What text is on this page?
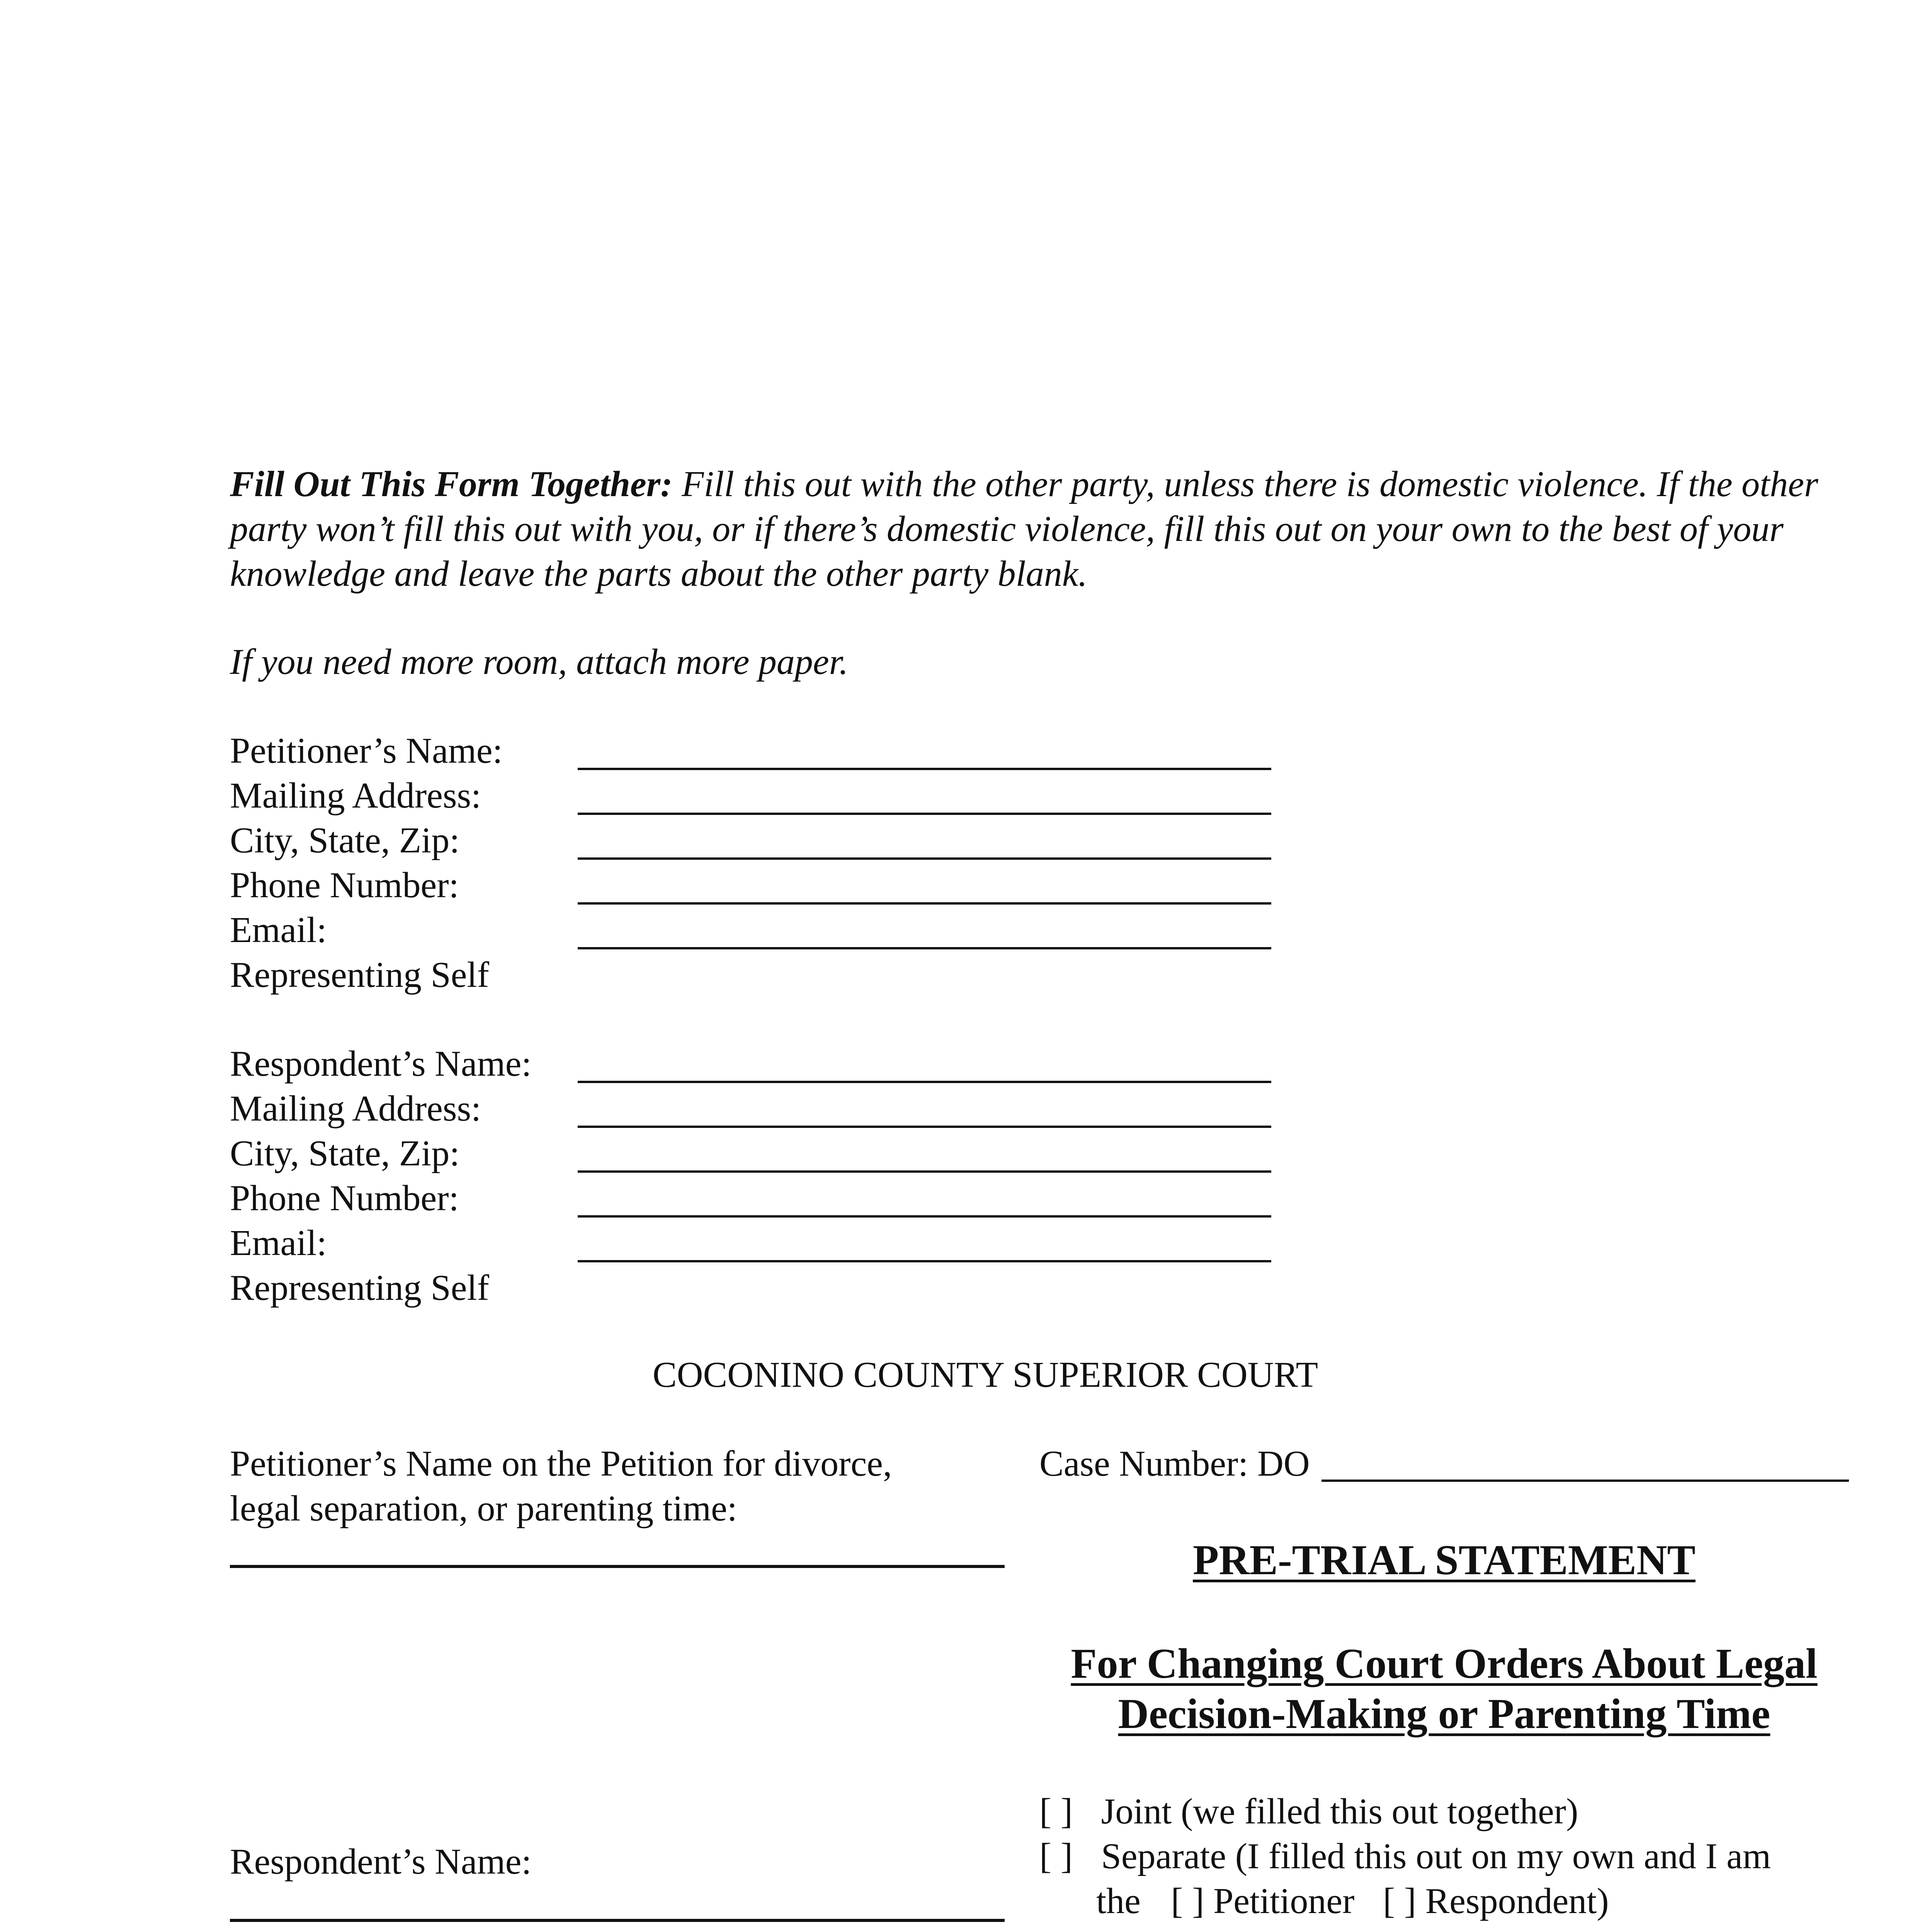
Fill Out This Form Together: Fill this out with the other party, unless there is domestic violence. If the other party won’t fill this out with you, or if there’s domestic violence, fill this out on your own to the best of your knowledge and leave the parts about the other party blank.
If you need more room, attach more paper.
Petitioner’s Name:
Mailing Address:
City, State, Zip:
Phone Number:
Email:
Representing Self
Respondent’s Name:
Mailing Address:
City, State, Zip:
Phone Number:
Email:
Representing Self
COCONINO COUNTY SUPERIOR COURT
Petitioner’s Name on the Petition for divorce,
legal separation, or parenting time:
Respondent’s Name:
Case Number: DO
PRE-TRIAL STATEMENT
For Changing Court Orders About Legal
Decision-Making or Parenting Time
[ ] Joint (we filled this out together)
[ ] Separate (I filled this out on my own and I am
the [ ] Petitioner [ ] Respondent)
